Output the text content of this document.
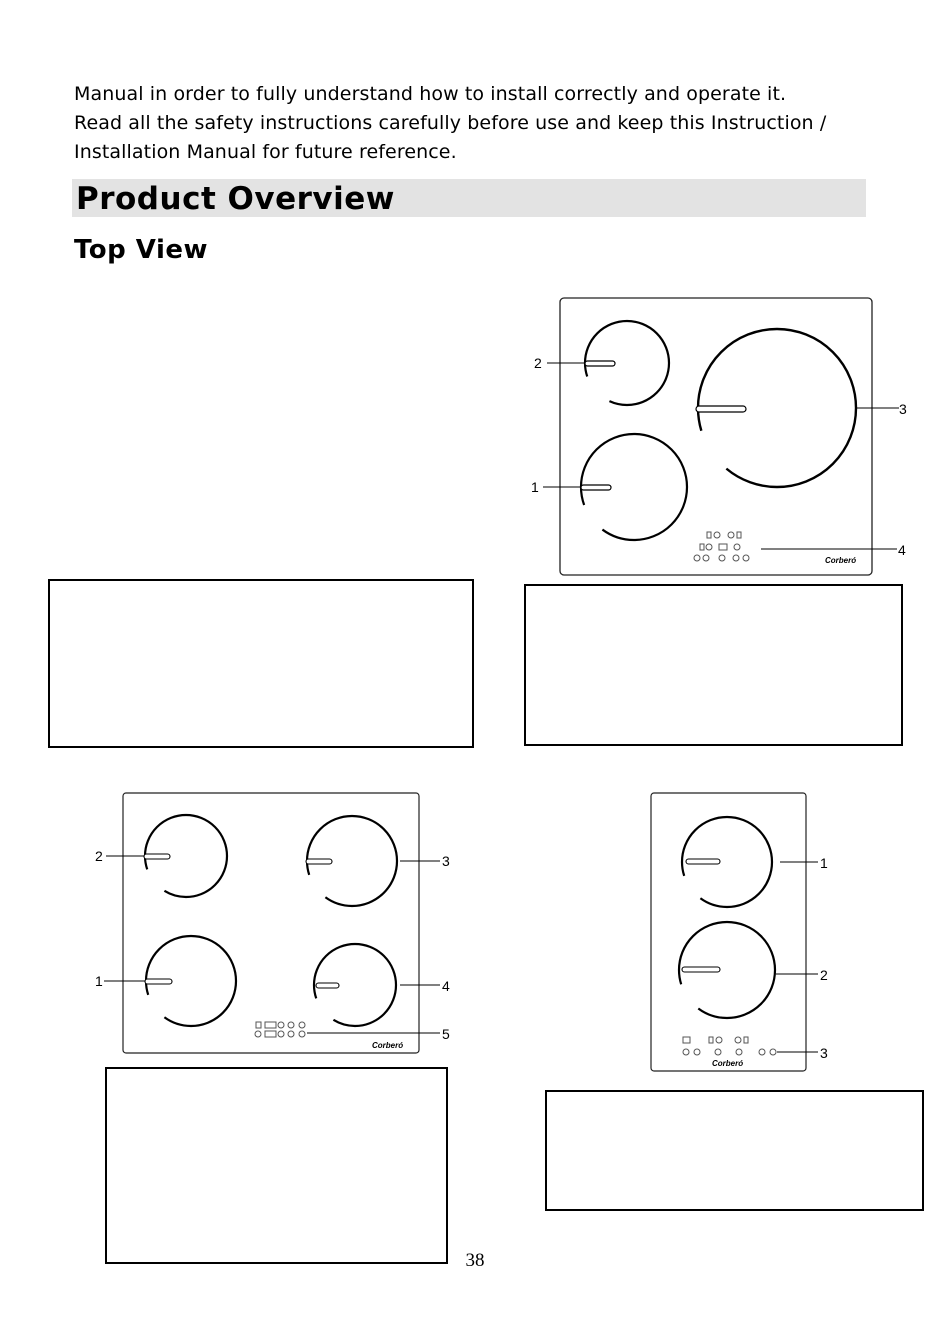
Manual in order to fully understand how to install correctly and operate it.

Read all the safety instructions carefully before use and keep this Instruction /

Installation Manual for future reference.

Product Overview
Top View
Corberó
2
1
3
4
Corberó
2	3
1	4
5
Corberó
1
2
3
38
